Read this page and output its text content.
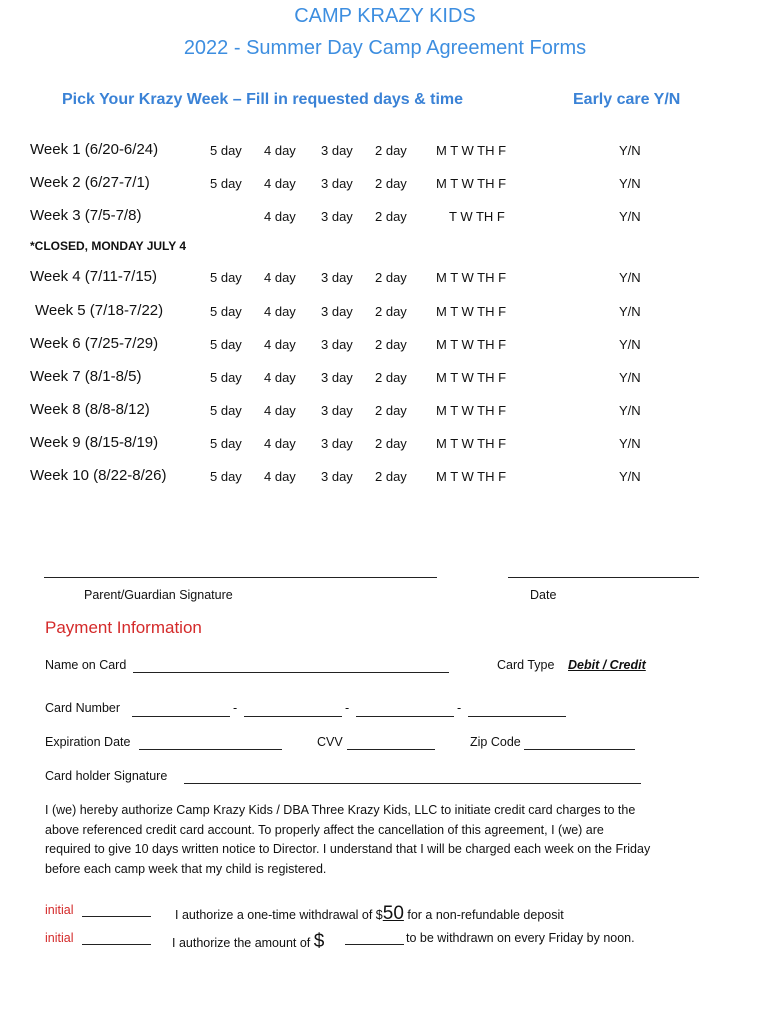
CAMP KRAZY KIDS
2022 - Summer Day Camp Agreement Forms
Pick Your Krazy Week – Fill in requested days & time	Early care Y/N
Week 1 (6/20-6/24)	5 day 4 day 3 day 2 day M T W TH F	Y/N
Week 2 (6/27-7/1)	5 day 4 day 3 day 2 day M T W TH F	Y/N
Week 3 (7/5-7/8)	4 day 3 day 2 day	T W TH F	Y/N
*CLOSED, MONDAY JULY 4
Week 4 (7/11-7/15)	5 day 4 day 3 day 2 day M T W TH F	Y/N
Week 5 (7/18-7/22)	5 day 4 day 3 day 2 day M T W TH F	Y/N
Week 6 (7/25-7/29)	5 day 4 day 3 day 2 day M T W TH F	Y/N
Week 7 (8/1-8/5)	5 day 4 day 3 day 2 day M T W TH F	Y/N
Week 8 (8/8-8/12)	5 day 4 day 3 day 2 day M T W TH F	Y/N
Week 9 (8/15-8/19)	5 day 4 day 3 day 2 day M T W TH F	Y/N
Week 10 (8/22-8/26)	5 day 4 day 3 day 2 day M T W TH F	Y/N
Parent/Guardian Signature	Date
Payment Information
Name on Card	Card Type Debit / Credit
Card Number	-	-	-
Expiration Date	CVV	Zip Code
Card holder Signature

I (we) hereby authorize Camp Krazy Kids / DBA Three Krazy Kids, LLC to initiate credit card charges to the

above referenced credit card account. To properly affect the cancellation of this agreement, I (we) are

required to give 10 days written notice to Director. I understand that I will be charged each week on the Friday

before each camp week that my child is registered.

initial	I authorize a one-time withdrawal of $50 for a non-refundable deposit
initial	I authorize the amount of $	to be withdrawn on every Friday by noon.
